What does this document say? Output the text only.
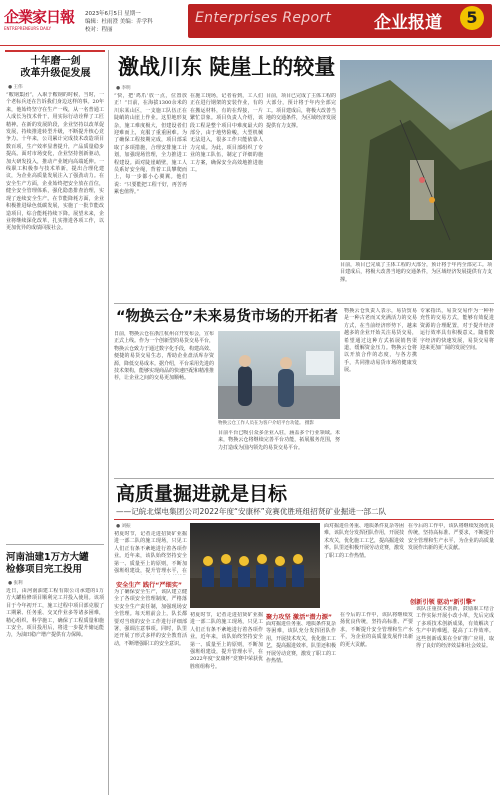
企業家日報
ENTREPRENEURS DAILY
2023年6月5日 星期一
编辑：杜雨澄 美编：乔学科
校对：程丽
Enterprises Report	企业报道	5
十年磨一剑
改革升级促发展
● 王伟
“鞍钢集团”，入职于鞍钢的时候，当时，一个老标兵还在告诉我们身边这样的事。20年来，他始终坚守在生产一线，从一名普通工人成长为技术骨干，用实际行动诠释了工匠精神。在新的发展阶段，企业坚持以改革促发展，持续推进转型升级，不断提升核心竞争力。十年来，公司累计完成技术改造项目数百项，生产效率显著提升，产品质量稳步提高。面对市场变化，企业坚持创新驱动，加大研发投入，推动产业链向高端延伸。一线职工积极参与技术革新，提出合理化建议，为企业高质量发展注入了强劲动力。在安全生产方面，企业始终把安全放在首位，健全安全管理体系，强化隐患排查治理，实现了连续安全生产。在节能降耗方面，企业积极推进绿色低碳发展，实施了一批节能改造项目，综合能耗持续下降。展望未来，企业将继续深化改革，扎实推进各项工作，以更加优异的成绩回报社会。
河南油建1万方大罐
检修项目完工投用
● 张利
近日，由河南油建工程有限公司承建的1万方大罐检修项目顺利完工并投入使用。该项目于今年初开工，施工过程中项目部克服了工期紧、任务重、交叉作业多等诸多困难，精心组织、科学施工，确保了工程质量和施工安全。项目投用后，将进一步提升储运能力，为油田稳产增产提供有力保障。
激战川东 陡崖上的较量
● 李明
“快，把‘鸡爪’放一点，位置放正！”日前，在海拔1300余米的川东某山区，一支施工队伍正在陡峭的山崖上作业。这里地形复杂，施工难度极大，但建设者们迎难而上，克服了重重困难。为了确保工程按期完成，项目部采取了多项措施，合理安排施工计划，加强现场管理，全力推进工程建设。面对陡崖峭壁，施工人员系好安全绳，背着工具攀爬而上，每一步都小心翼翼。他们说：“只要能把工程干好，再苦再累也值得。”
在施工现场，记者看到，工人们正在进行钢架的安装作业，有的在搬运材料，有的在焊接，一片繁忙景象。项目负责人介绍，该段工程是整个项目中难度最大的部分，由于地势险峻，大型机械无法进入，很多工作只能依靠人力完成。为此，项目部组织了专业的施工队伍，制定了详细的施工方案，确保安全高效地推进施工。
目前，项目已完成了主体工程的大部分，预计将于年内全部完工。项目建成后，将极大改善当地的交通条件，为区域经济发展提供有力支撑。
目前，项目已完成了主体工程的大部分，预计将于年内全部完工。项目建成后，将极大改善当地的交通条件，为区域经济发展提供有力支撑。
“物换云仓”未来易货市场的开拓者
日前，物换云仓在浙江杭州召开发布会，宣布正式上线。作为一个创新型的易货交易平台，物换云仓致力于通过数字化手段，构建高效、便捷的易货交易生态，帮助企业盘活库存资源，降低交易成本。据介绍，平台采用先进的技术架构，能够实现商品的快速匹配和精准推荐，让企业之间的交易更加顺畅。
物换云仓工作人员在为客户介绍平台功能。 摄影
目前平台已吸引众多企业入驻，涵盖多个行业领域。未来，物换云仓将继续完善平台功能，拓展服务范围，努力打造成为国内领先的易货交易平台。
物换云仓负责人表示，易货贸易是一种古老而又充满活力的交易方式，在当前经济形势下，越来越多的企业开始关注易货交易，希望通过这种方式拓展销售渠道，缓解资金压力。物换云仓将以开放合作的态度，与各方携手，共同推动易货市场的健康发展。
专家指出，易货交易作为一种补充性的交易方式，能够有效促进资源的合理配置，对于提升经济运行效率具有积极意义。随着数字经济的快速发展，易货交易将迎来更加广阔的发展空间。
高质量掘进就是目标
——记皖北煤电集团公司2022年度“安康杯”竞赛优胜班组招贤矿业掘进一部二队
● 刘振
初夏时节，记者走进招贤矿业掘进一部二队的施工现场，只见工人们正有条不紊地进行着各项作业。近年来，该队始终坚持安全第一、质量至上的原则，不断加强班组建设，提升管理水平，在
面对掘进任务重、地质条件复杂等困难，该队充分发挥团队作用，开展技术攻关，优化施工工艺，提高掘进效率。队里还积极开展劳动竞赛，激发了职工的工作热情。
安全生产 践行“严细实”
为了确保安全生产，该队建立健全了各项安全管理制度，严格落实安全生产责任制，加强现场安全管理。每天班前会上，队长都要对当班的安全工作进行详细部署，强调注意事项。同时，队里还开展了形式多样的安全教育活动，不断增强职工的安全意识。
初夏时节，记者走进招贤矿业掘进一部二队的施工现场，只见工人们正有条不紊地进行着各项作业。近年来，该队始终坚持安全第一、质量至上的原则，不断加强班组建设，提升管理水平，在2022年度“安康杯”竞赛中荣获优胜班组称号。
聚力攻坚 激活“潜力源”
面对掘进任务重、地质条件复杂等困难，该队充分发挥团队作用，开展技术攻关，优化施工工艺，提高掘进效率。队里还积极开展劳动竞赛，激发了职工的工作热情。
在今后的工作中，该队将继续发扬优良传统，坚持高标准、严要求，不断提升安全管理和生产水平，为企业的高质量发展作出新的更大贡献。
创新引领 驱动“新引擎”
在今后的工作中，该队将继续发扬优良传统，坚持高标准、严要求，不断提升安全管理和生产水平，为企业的高质量发展作出新的更大贡献。
该队注重技术创新，鼓励职工结合工作实际开展小改小革，先后完成了多项技术创新成果，有效解决了生产中的难题，提高了工作效率。这些创新成果在全矿推广应用，取得了良好的经济效益和社会效益。
